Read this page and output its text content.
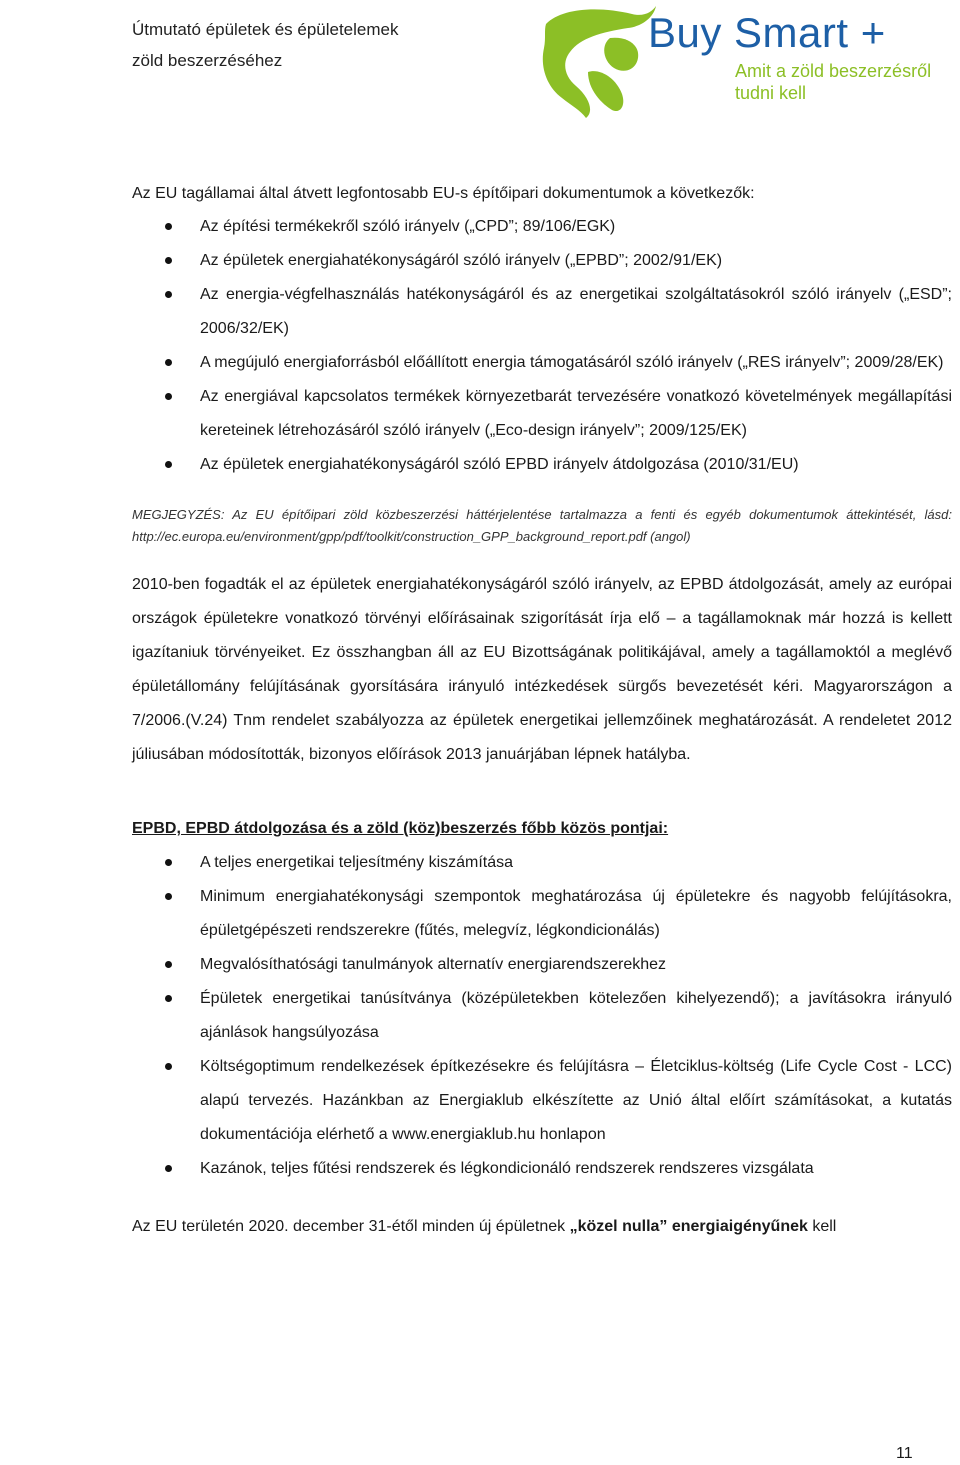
Útmutató épületek és épületelemek
zöld beszerzéséhez
Buy Smart +
Amit a zöld beszerzésről
tudni kell

Az EU tagállamai által átvett legfontosabb EU-s építőipari dokumentumok a következők:

Az építési termékekről szóló irányelv („CPD”; 89/106/EGK)
Az épületek energiahatékonyságáról szóló irányelv („EPBD”; 2002/91/EK)
Az energia-végfelhasználás hatékonyságáról és az energetikai szolgáltatásokról szóló irányelv („ESD”; 2006/32/EK)
A megújuló energiaforrásból előállított energia támogatásáról szóló irányelv („RES irányelv”; 2009/28/EK)
Az energiával kapcsolatos termékek környezetbarát tervezésére vonatkozó követelmények megállapítási kereteinek létrehozásáról szóló irányelv („Eco-design irányelv”; 2009/125/EK)
Az épületek energiahatékonyságáról szóló EPBD irányelv átdolgozása (2010/31/EU)
MEGJEGYZÉS: Az EU építőipari zöld közbeszerzési háttérjelentése tartalmazza a fenti és egyéb dokumentumok áttekintését, lásd: http://ec.europa.eu/environment/gpp/pdf/toolkit/construction_GPP_background_report.pdf (angol)
2010-ben fogadták el az épületek energiahatékonyságáról szóló irányelv, az EPBD átdolgozását, amely az európai országok épületekre vonatkozó törvényi előírásainak szigorítását írja elő – a tagállamoknak már hozzá is kellett igazítaniuk törvényeiket. Ez összhangban áll az EU Bizottságának politikájával, amely a tagállamoktól a meglévő épületállomány felújításának gyorsítására irányuló intézkedések sürgős bevezetését kéri. Magyarországon a 7/2006.(V.24) Tnm rendelet szabályozza az épületek energetikai jellemzőinek meghatározását. A rendeletet 2012 júliusában módosították, bizonyos előírások 2013 januárjában lépnek hatályba.
EPBD, EPBD átdolgozása és a zöld (köz)beszerzés főbb közös pontjai:
A teljes energetikai teljesítmény kiszámítása
Minimum energiahatékonysági szempontok meghatározása új épületekre és nagyobb felújításokra, épületgépészeti rendszerekre (fűtés, melegvíz, légkondicionálás)
Megvalósíthatósági tanulmányok alternatív energiarendszerekhez
Épületek energetikai tanúsítványa (középületekben kötelezően kihelyezendő); a javításokra irányuló ajánlások hangsúlyozása
Költségoptimum rendelkezések építkezésekre és felújításra – Életciklus-költség (Life Cycle Cost - LCC) alapú tervezés. Hazánkban az Energiaklub elkészítette az Unió által előírt számításokat, a kutatás dokumentációja elérhető a www.energiaklub.hu honlapon
Kazánok, teljes fűtési rendszerek és légkondicionáló rendszerek rendszeres vizsgálata
Az EU területén 2020. december 31-étől minden új épületnek „közel nulla” energiaigényűnek kell
11
